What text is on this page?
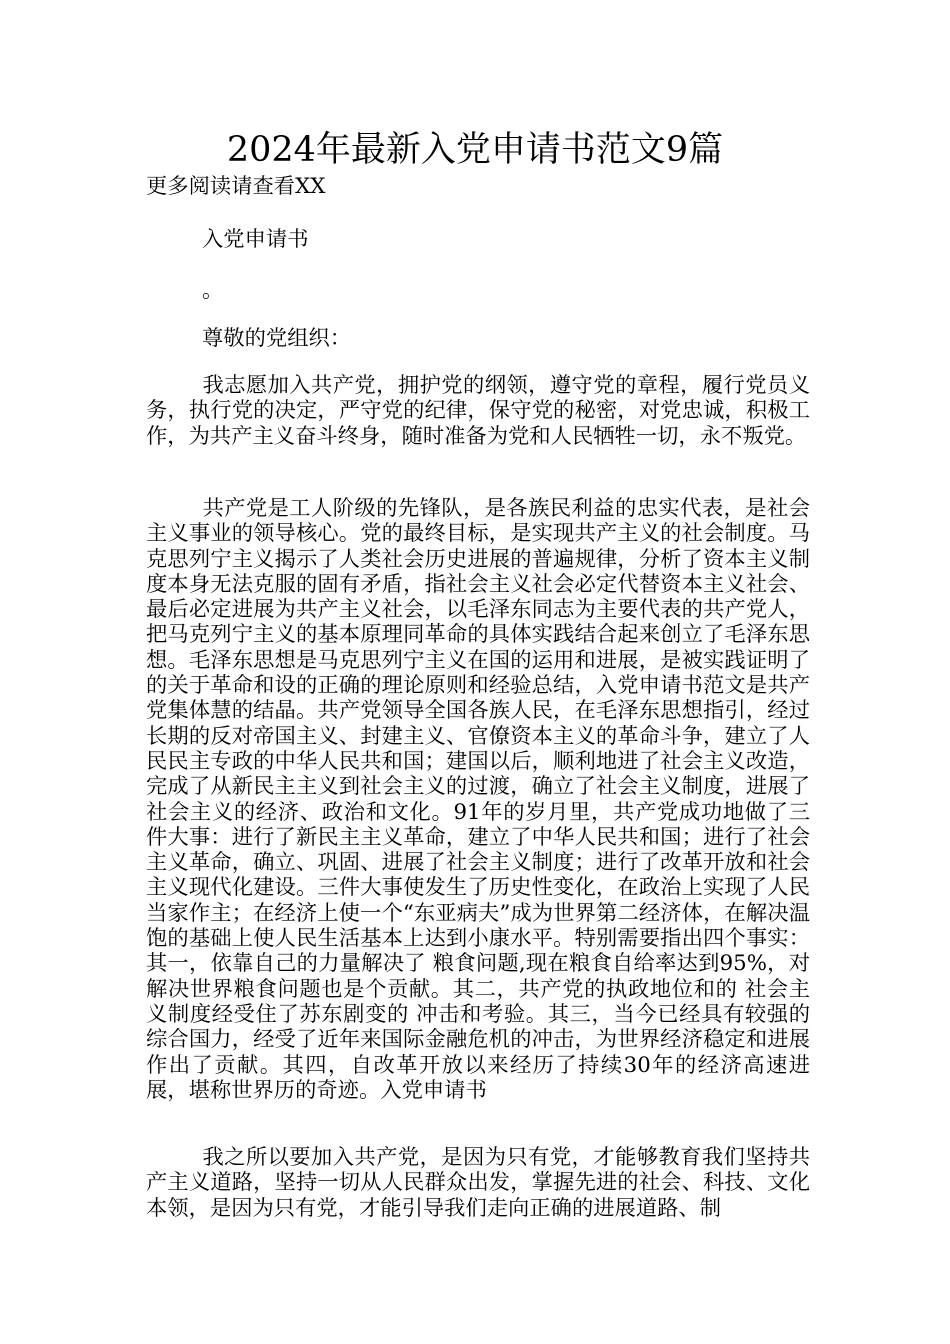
2024年最新入党申请书范文9篇
更多阅读请查看XX
入党申请书
。
尊敬的党组织：

我志愿加入共产党，拥护党的纲领，遵守党的章程，履行党员义务，执行党的决定，严守党的纪律，保守党的秘密，对党忠诚，积极工作，为共产主义奋斗终身，随时准备为党和人民牺牲一切，永不叛党。

共产党是工人阶级的先锋队，是各族民利益的忠实代表，是社会主义事业的领导核心。党的最终目标，是实现共产主义的社会制度。马克思列宁主义揭示了人类社会历史进展的普遍规律，分析了资本主义制度本身无法克服的固有矛盾，指社会主义社会必定代替资本主义社会、最后必定进展为共产主义社会，以毛泽东同志为主要代表的共产党人，把马克列宁主义的基本原理同革命的具体实践结合起来创立了毛泽东思想。毛泽东思想是马克思列宁主义在国的运用和进展，是被实践证明了的关于革命和设的正确的理论原则和经验总结，入党申请书范文是共产党集体慧的结晶。共产党领导全国各族人民，在毛泽东思想指引，经过长期的反对帝国主义、封建主义、官僚资本主义的革命斗争，建立了人民民主专政的中华人民共和国；建国以后，顺利地进了社会主义改造，完成了从新民主主义到社会主义的过渡，确立了社会主义制度，进展了社会主义的经济、政治和文化。91年的岁月里，共产党成功地做了三件大事：进行了新民主主义革命，建立了中华人民共和国；进行了社会主义革命，确立、巩固、进展了社会主义制度；进行了改革开放和社会主义现代化建设。三件大事使发生了历史性变化，在政治上实现了人民当家作主；在经济上使一个“东亚病夫”成为世界第二经济体，在解决温饱的基础上使人民生活基本上达到小康水平。特别需要指出四个事实：其一，依靠自己的力量解决了 粮食问题,现在粮食自给率达到95%，对解决世界粮食问题也是个贡献。其二，共产党的执政地位和的 社会主义制度经受住了苏东剧变的 冲击和考验。其三，当今已经具有较强的综合国力，经受了近年来国际金融危机的冲击，为世界经济稳定和进展作出了贡献。其四，自改革开放以来经历了持续30年的经济高速进展，堪称世界历的奇迹。入党申请书

我之所以要加入共产党，是因为只有党，才能够教育我们坚持共产主义道路，坚持一切从人民群众出发，掌握先进的社会、科技、文化本领，是因为只有党，才能引导我们走向正确的进展道路、制
